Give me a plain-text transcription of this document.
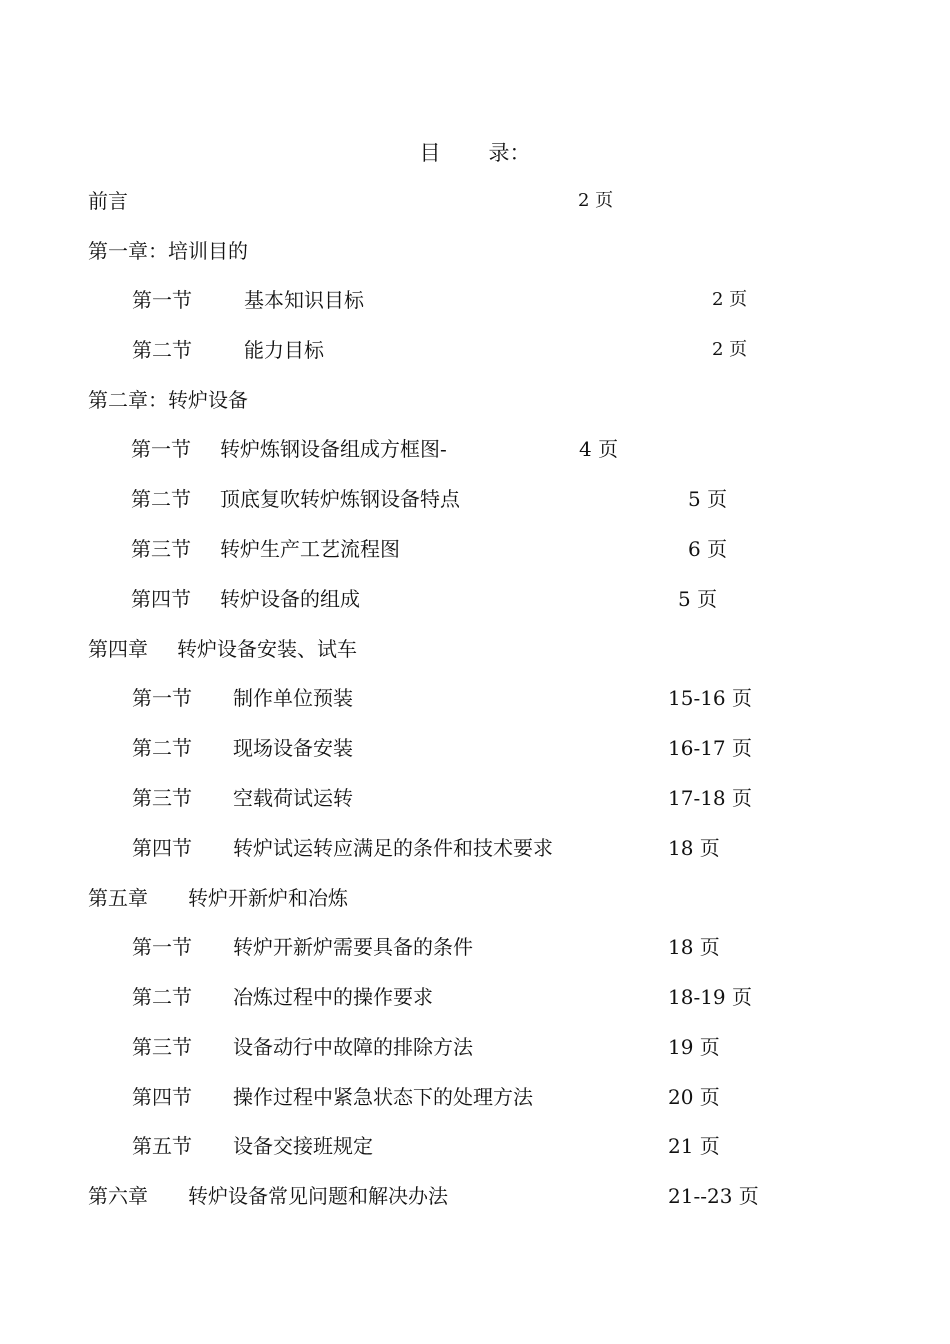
目 录：
前言	2 页
第一章：培训目的
第一节	基本知识目标	2 页
第二节	能力目标	2 页
第二章：转炉设备
第一节 转炉炼钢设备组成方框图-	4 页
第二节 顶底复吹转炉炼钢设备特点	5 页
第三节 转炉生产工艺流程图	6 页
第四节 转炉设备的组成	5 页
第四章 转炉设备安装、试车
第一节 制作单位预装	15-16 页
第二节 现场设备安装	16-17 页
第三节 空载荷试运转	17-18 页
第四节 转炉试运转应满足的条件和技术要求	18 页
第五章 转炉开新炉和冶炼
第一节 转炉开新炉需要具备的条件	18 页
第二节 冶炼过程中的操作要求	18-19 页
第三节 设备动行中故障的排除方法	19 页
第四节 操作过程中紧急状态下的处理方法	20 页
第五节 设备交接班规定	21 页
第六章 转炉设备常见问题和解决办法	21--23 页
